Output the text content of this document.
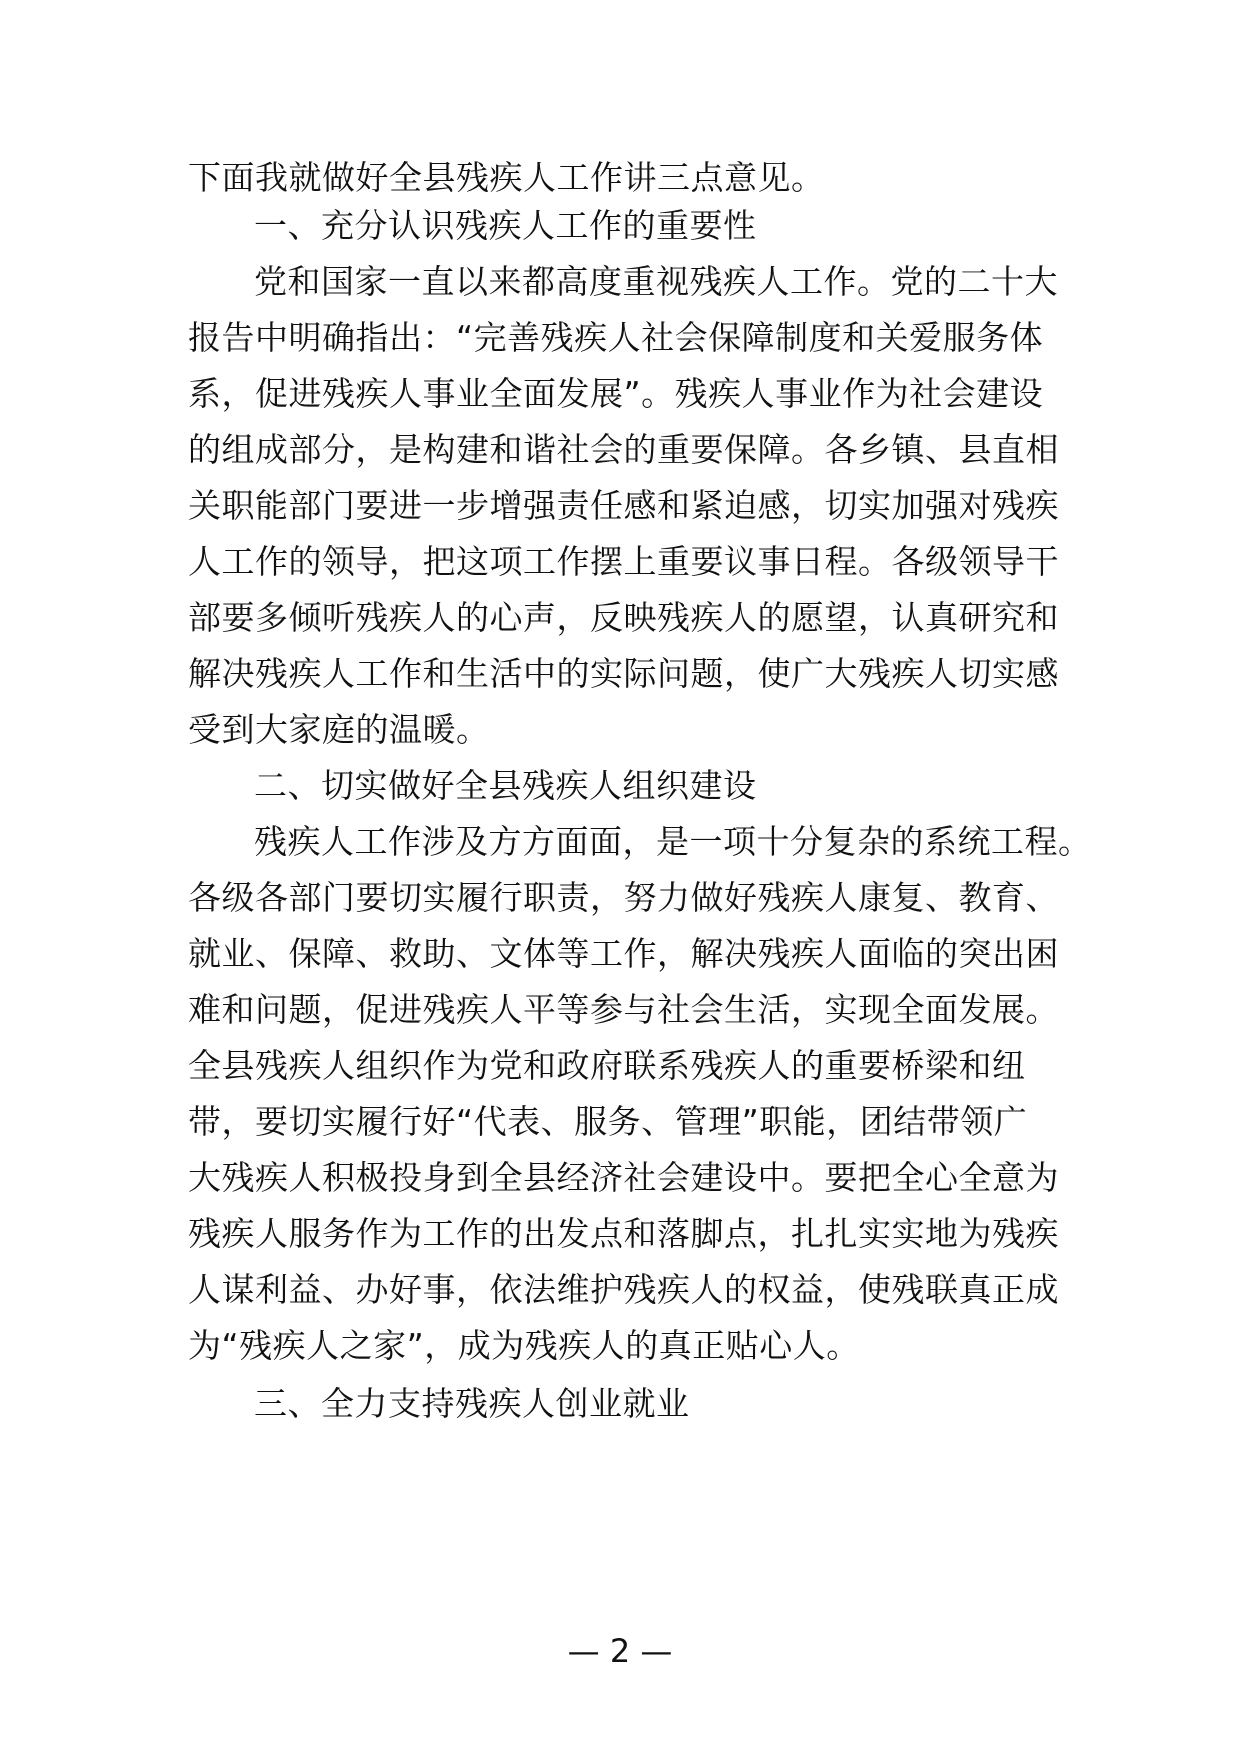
下面我就做好全县残疾人工作讲三点意见。
一、充分认识残疾人工作的重要性
党和国家一直以来都高度重视残疾人工作。党的二十大
报告中明确指出：“完善残疾人社会保障制度和关爱服务体
系，促进残疾人事业全面发展”。残疾人事业作为社会建设
的组成部分，是构建和谐社会的重要保障。各乡镇、县直相
关职能部门要进一步增强责任感和紧迫感，切实加强对残疾
人工作的领导，把这项工作摆上重要议事日程。各级领导干
部要多倾听残疾人的心声，反映残疾人的愿望，认真研究和
解决残疾人工作和生活中的实际问题，使广大残疾人切实感
受到大家庭的温暖。
二、切实做好全县残疾人组织建设
残疾人工作涉及方方面面，是一项十分复杂的系统工程。
各级各部门要切实履行职责，努力做好残疾人康复、教育、
就业、保障、救助、文体等工作，解决残疾人面临的突出困
难和问题，促进残疾人平等参与社会生活，实现全面发展。
全县残疾人组织作为党和政府联系残疾人的重要桥梁和纽
带，要切实履行好“代表、服务、管理”职能，团结带领广
大残疾人积极投身到全县经济社会建设中。要把全心全意为
残疾人服务作为工作的出发点和落脚点，扎扎实实地为残疾
人谋利益、办好事，依法维护残疾人的权益，使残联真正成
为“残疾人之家”，成为残疾人的真正贴心人。
三、全力支持残疾人创业就业
— 2 —
